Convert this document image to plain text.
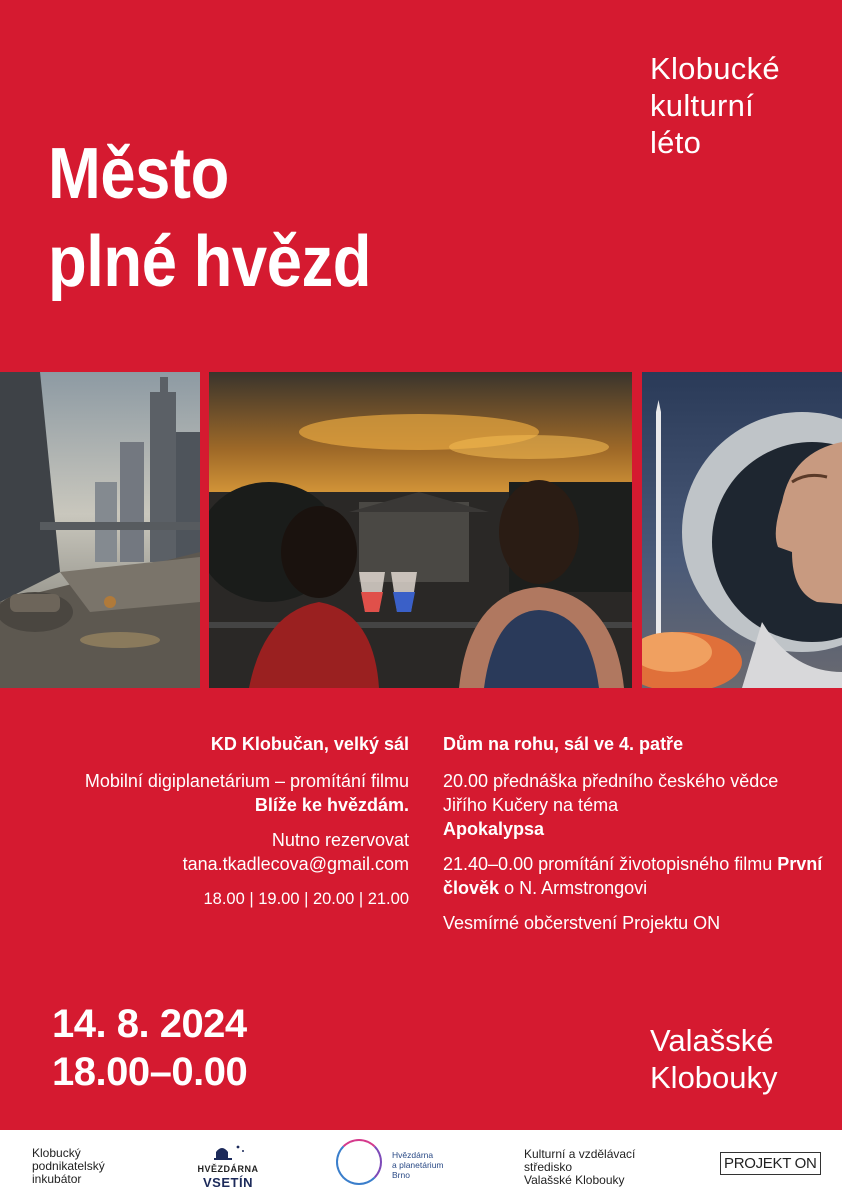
Klobucké
kulturní
léto
Město
plné hvězd

KD Klobučan, velký sál

Mobilní digiplanetárium – promítání filmu Blíže ke hvězdám.

Nutno rezervovat
tana.tkadlecova@gmail.com

18.00 | 19.00 | 20.00 | 21.00

Dům na rohu, sál ve 4. patře

20.00 přednáška předního českého vědce Jiřího Kučery na téma
Apokalypsa

21.40–0.00 promítání životopisného filmu První člověk o N. Armstrongovi

Vesmírné občerstvení Projektu ON

14. 8. 2024
18.00–0.00
Valašské
Klobouky
Klobucký
podnikatelský
inkubátor
HVĚZDÁRNA
VSETÍN
Hvězdárna
a planetárium
Brno
Kulturní a vzdělávací
středisko
Valašské Klobouky
PROJEKT ON
